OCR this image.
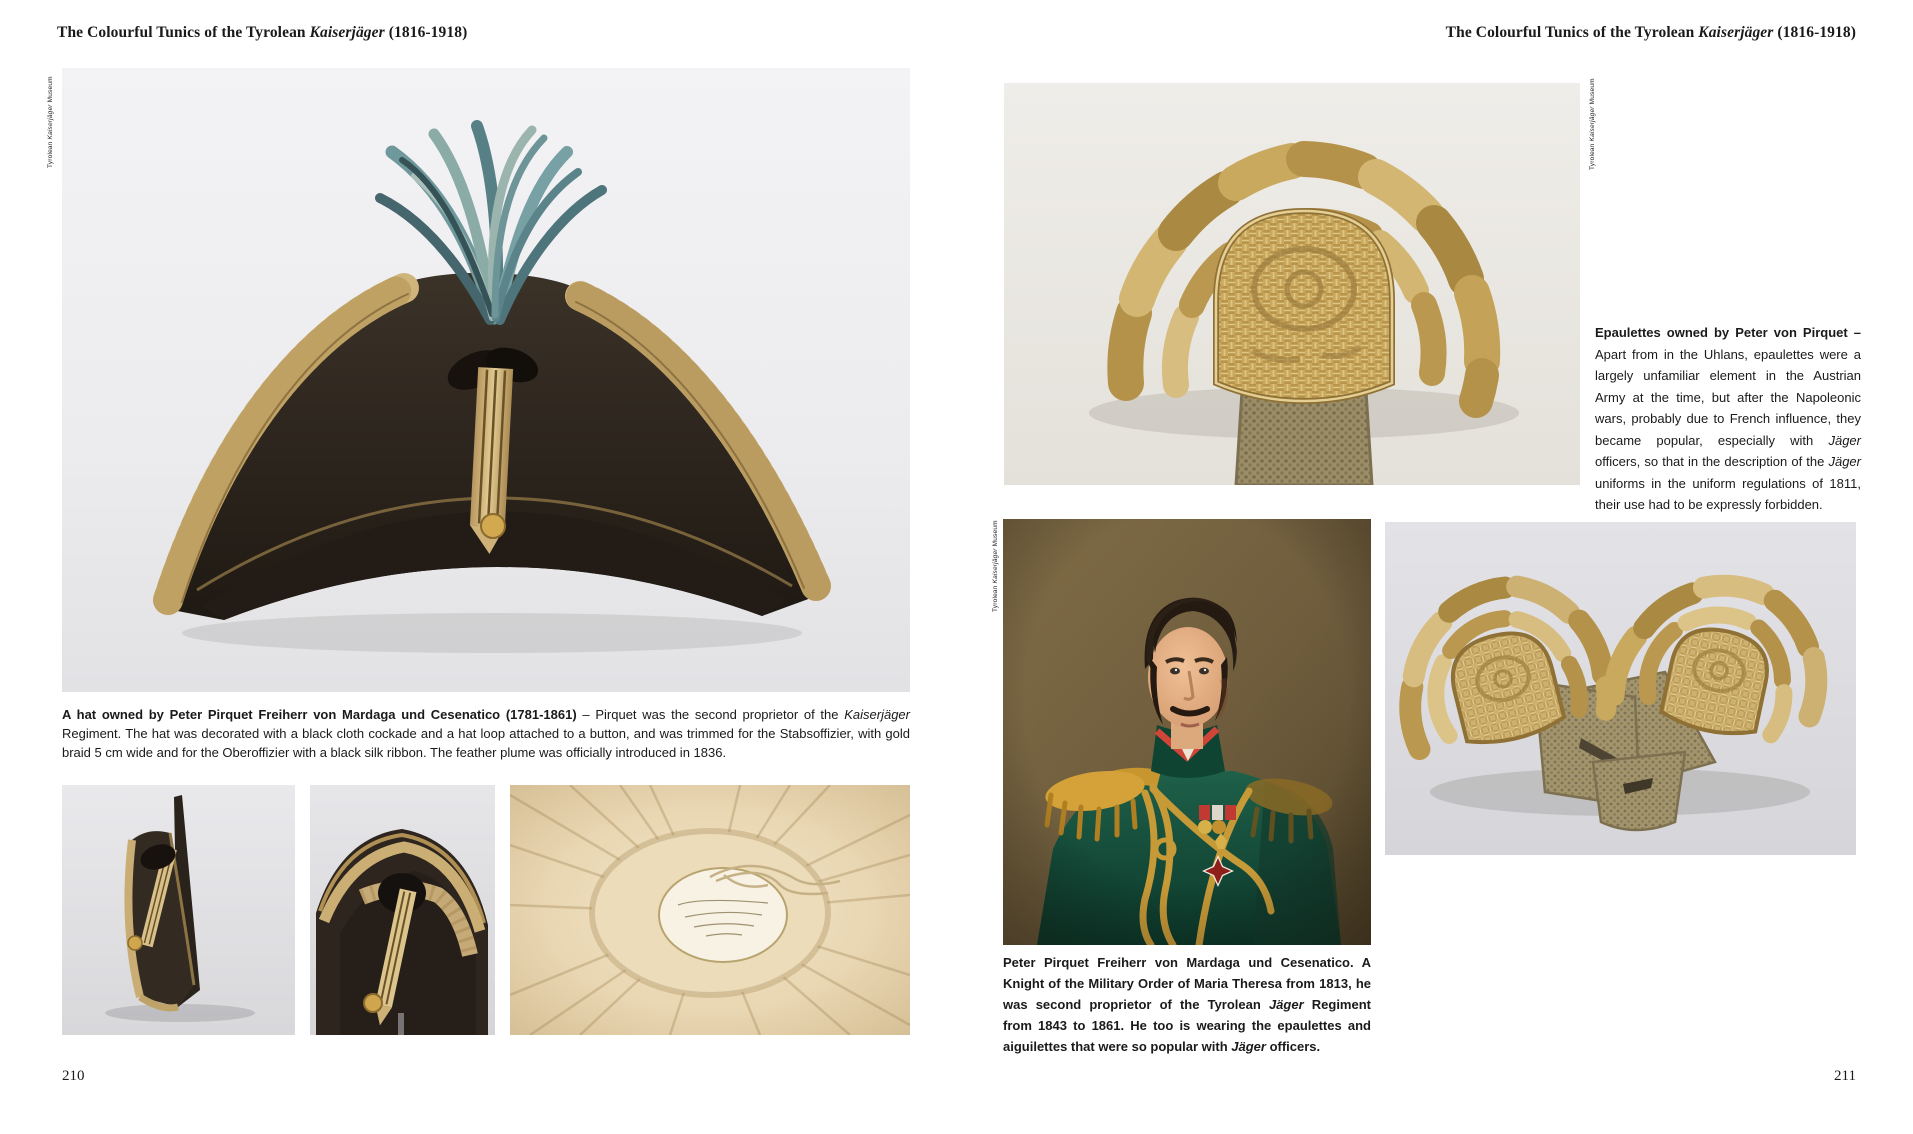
The Colourful Tunics of the Tyrolean Kaiserjäger (1816-1918)	The Colourful Tunics of the Tyrolean Kaiserjäger (1816-1918)
Tyrolean Kaiserjäger Museum
A hat owned by Peter Pirquet Freiherr von Mardaga und Cesenatico (1781-1861) – Pirquet was the second proprietor of the Kaiserjäger Regiment. The hat was decorated with a black cloth cockade and a hat loop attached to a button, and was trimmed for the Stabsoffizier, with gold braid 5 cm wide and for the Oberoffizier with a black silk ribbon. The feather plume was officially introduced in 1836.
210
Tyrolean Kaiserjäger Museum
Epaulettes owned by Peter von Pirquet – Apart from in the Uhlans, epaulettes were a largely unfamiliar element in the Austrian Army at the time, but after the Napoleonic wars, probably due to French influence, they became popular, especially with Jäger officers, so that in the description of the Jäger uniforms in the uniform regulations of 1811, their use had to be expressly forbidden.
Tyrolean Kaiserjäger Museum
Peter Pirquet Freiherr von Mardaga und Cesenatico. A Knight of the Military Order of Maria Theresa from 1813, he was second proprietor of the Tyrolean Jäger Regiment from 1843 to 1861. He too is wearing the epaulettes and aiguilettes that were so popular with Jäger officers.
211
